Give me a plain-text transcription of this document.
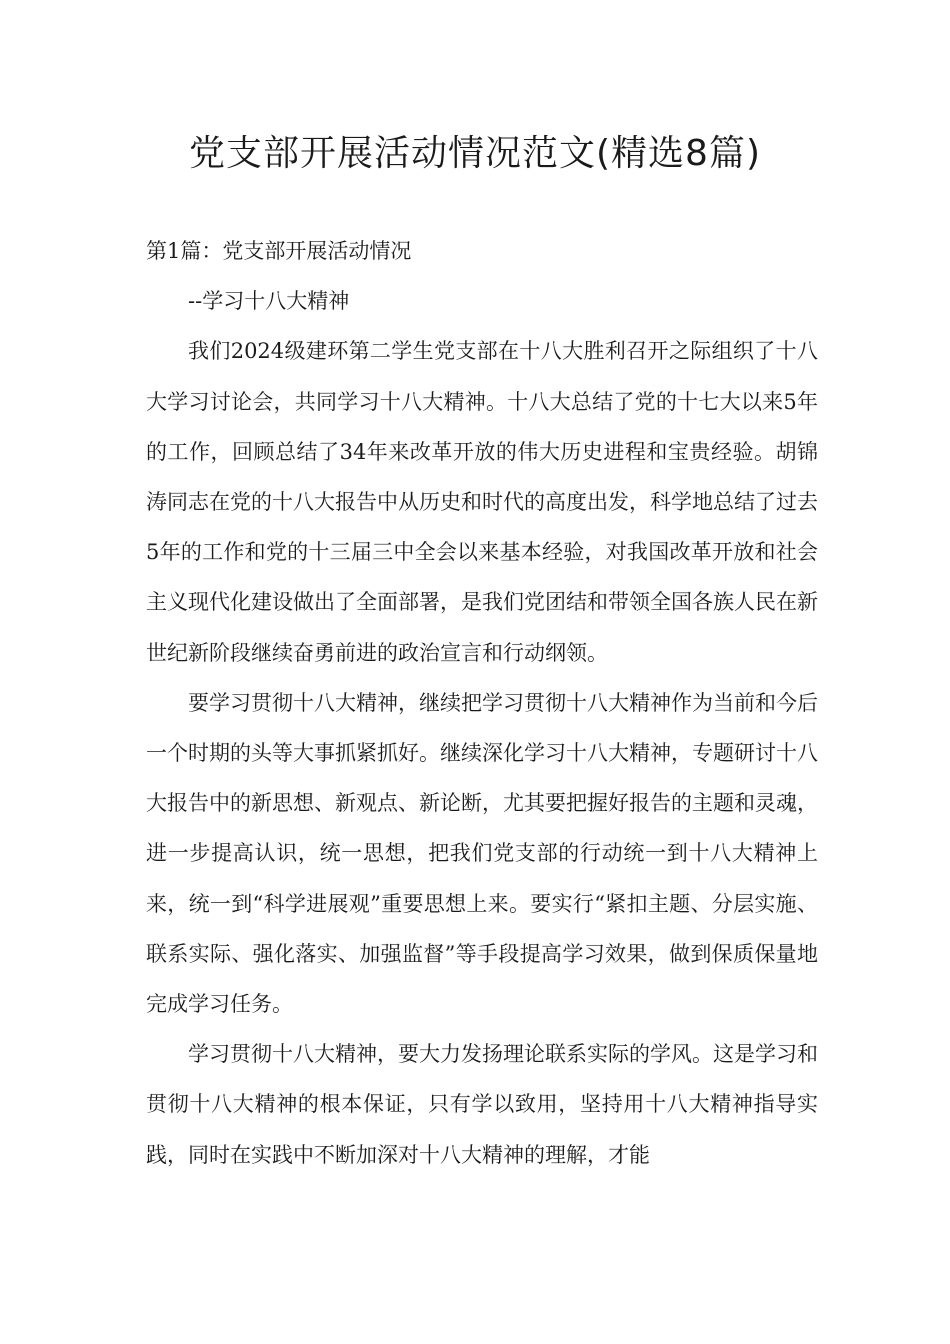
党支部开展活动情况范文(精选8篇)

第1篇：党支部开展活动情况

--学习十八大精神

我们2024级建环第二学生党支部在十八大胜利召开之际组织了十八大学习讨论会，共同学习十八大精神。十八大总结了党的十七大以来5年的工作，回顾总结了34年来改革开放的伟大历史进程和宝贵经验。胡锦涛同志在党的十八大报告中从历史和时代的高度出发，科学地总结了过去5年的工作和党的十三届三中全会以来基本经验，对我国改革开放和社会主义现代化建设做出了全面部署，是我们党团结和带领全国各族人民在新世纪新阶段继续奋勇前进的政治宣言和行动纲领。

要学习贯彻十八大精神，继续把学习贯彻十八大精神作为当前和今后一个时期的头等大事抓紧抓好。继续深化学习十八大精神，专题研讨十八大报告中的新思想、新观点、新论断，尤其要把握好报告的主题和灵魂，进一步提高认识，统一思想，把我们党支部的行动统一到十八大精神上来，统一到“科学进展观”重要思想上来。要实行“紧扣主题、分层实施、联系实际、强化落实、加强监督”等手段提高学习效果，做到保质保量地完成学习任务。

学习贯彻十八大精神，要大力发扬理论联系实际的学风。这是学习和贯彻十八大精神的根本保证，只有学以致用，坚持用十八大精神指导实践，同时在实践中不断加深对十八大精神的理解，才能
